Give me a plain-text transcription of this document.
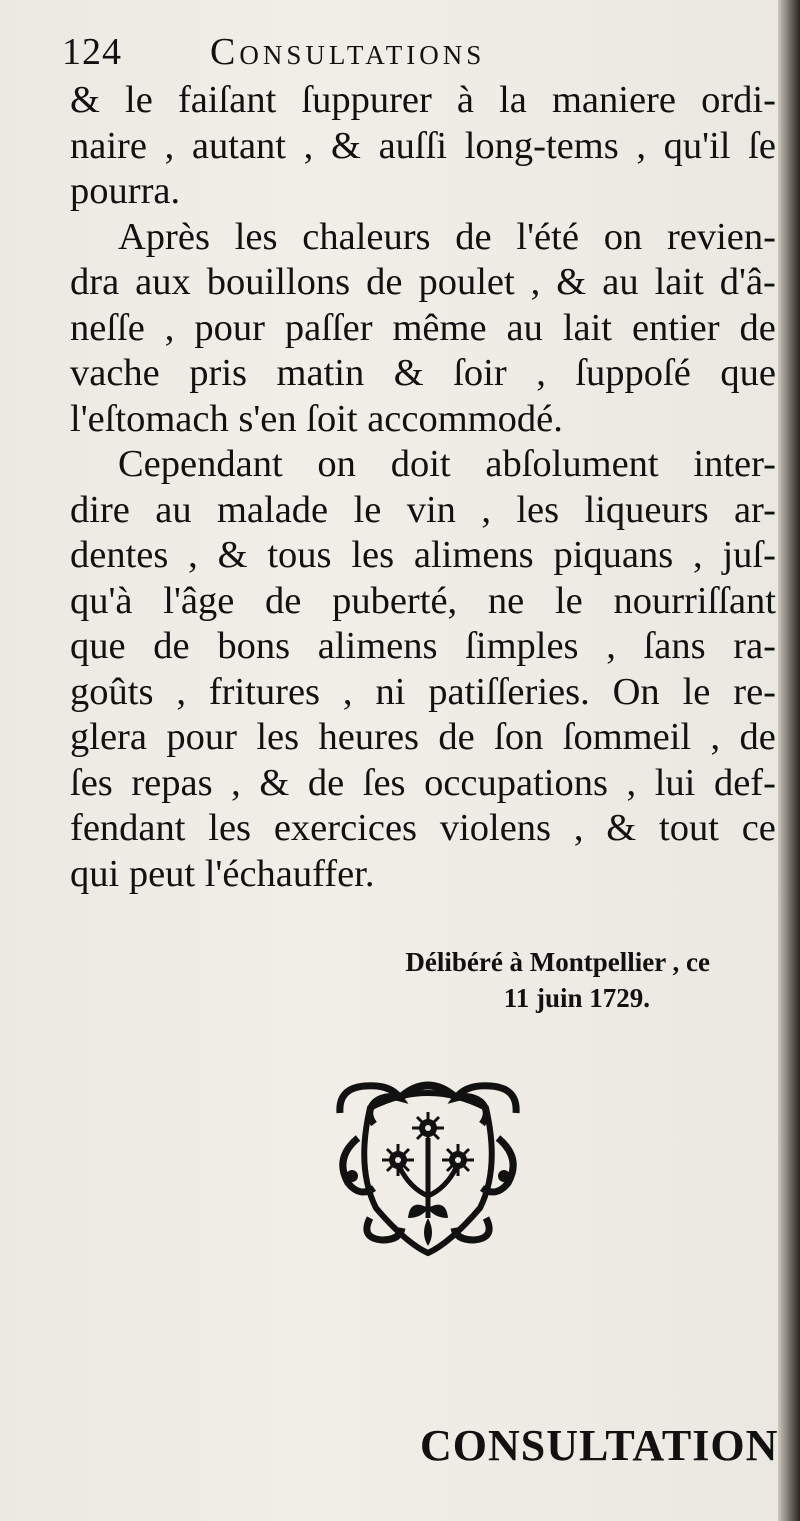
124 Consultations
& le faiſant ſuppurer à la maniere ordi-
naire , autant , & auſſi long-tems , qu'il ſe
pourra.
Après les chaleurs de l'été on revien-
dra aux bouillons de poulet , & au lait d'â-
neſſe , pour paſſer même au lait entier de
vache pris matin & ſoir , ſuppoſé que
l'eſtomach s'en ſoit accommodé.
Cependant on doit abſolument inter-
dire au malade le vin , les liqueurs ar-
dentes , & tous les alimens piquans , juſ-
qu'à l'âge de puberté, ne le nourriſſant
que de bons alimens ſimples , ſans ra-
goûts , fritures , ni patiſſeries. On le re-
glera pour les heures de ſon ſommeil , de
ſes repas , & de ſes occupations , lui def-
fendant les exercices violens , & tout ce
qui peut l'échauffer.
Délibéré à Montpellier , ce
11 juin 1729.
CONSULTATION
